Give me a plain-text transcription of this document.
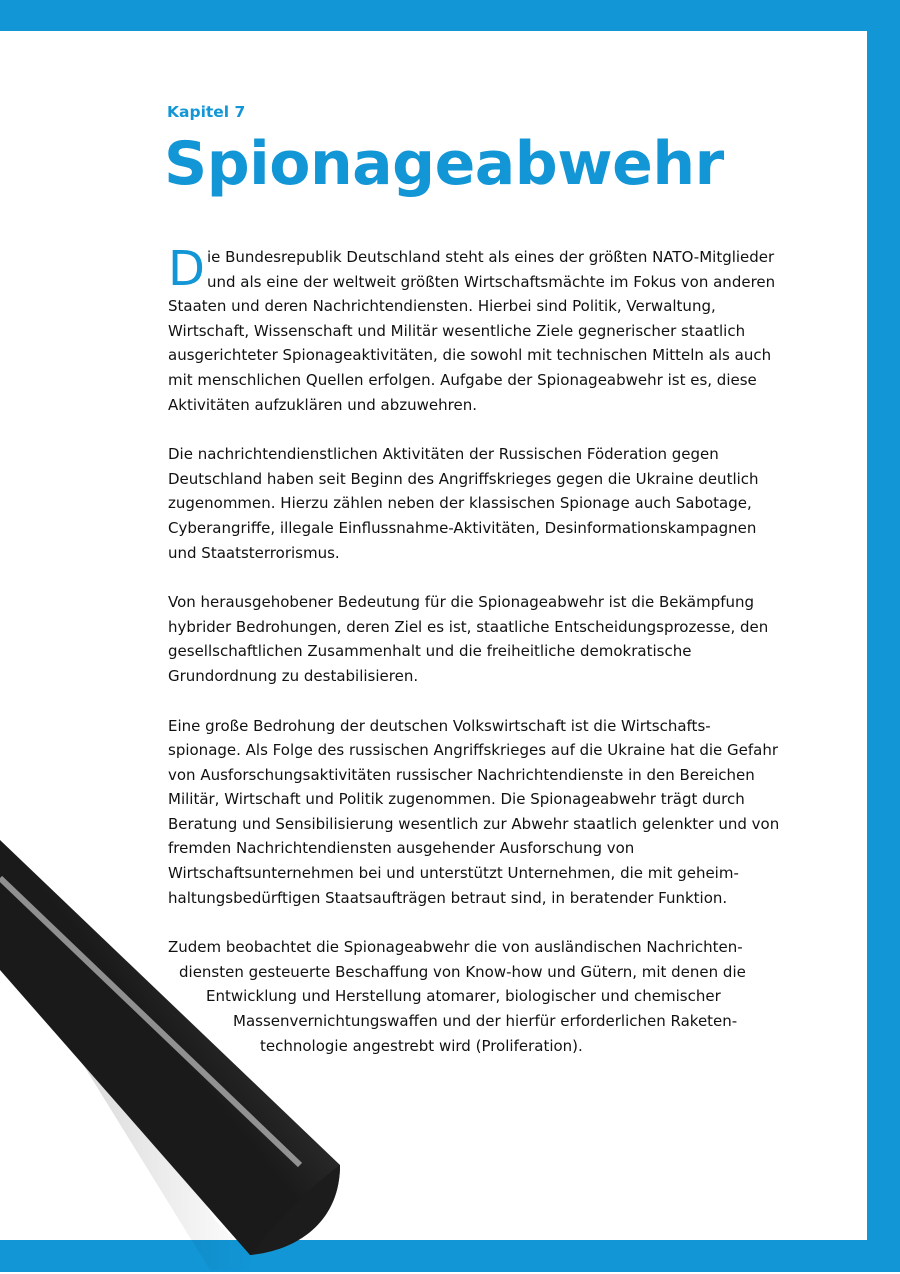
Kapitel 7
Spionageabwehr

Die Bundesrepublik Deutschland steht als eines der größten NATO-Mitglieder und als eine der weltweit größten Wirtschaftsmächte im Fokus von anderen Staaten und deren Nachrichtendiensten. Hierbei sind Politik, Verwaltung, Wirtschaft, Wissenschaft und Militär wesentliche Ziele gegnerischer staatlich ausgerichteter Spionageaktivitäten, die sowohl mit technischen Mitteln als auch mit menschlichen Quellen erfolgen. Aufgabe der Spionageabwehr ist es, diese Aktivitäten aufzuklären und abzuwehren.

Die nachrichtendienstlichen Aktivitäten der Russischen Föderation gegen Deutschland haben seit Beginn des Angriffskrieges gegen die Ukraine deutlich zugenommen. Hierzu zählen neben der klassischen Spionage auch Sabotage, Cyberangriffe, illegale Einflussnahme-Aktivitäten, Desinformationskampagnen und Staatsterrorismus.

Von herausgehobener Bedeutung für die Spionageabwehr ist die Bekämpfung hybrider Bedrohungen, deren Ziel es ist, staatliche Entscheidungsprozesse, den gesellschaftlichen Zusammenhalt und die freiheitliche demokratische Grundordnung zu destabilisieren.

Eine große Bedrohung der deutschen Volkswirtschaft ist die Wirtschafts-spionage. Als Folge des russischen Angriffskrieges auf die Ukraine hat die Gefahr von Ausforschungsaktivitäten russischer Nachrichtendienste in den Bereichen Militär, Wirtschaft und Politik zugenommen. Die Spionageabwehr trägt durch Beratung und Sensibilisierung wesentlich zur Abwehr staatlich gelenkter und von fremden Nachrichtendiensten ausgehender Ausforschung von Wirtschaftsunternehmen bei und unterstützt Unternehmen, die mit geheim-haltungsbedürftigen Staatsaufträgen betraut sind, in beratender Funktion.

Zudem beobachtet die Spionageabwehr die von ausländischen Nachrichten-
diensten gesteuerte Beschaffung von Know-how und Gütern, mit denen die
Entwicklung und Herstellung atomarer, biologischer und chemischer
Massenvernichtungswaffen und der hierfür erforderlichen Raketen-
technologie angestrebt wird (Proliferation).
